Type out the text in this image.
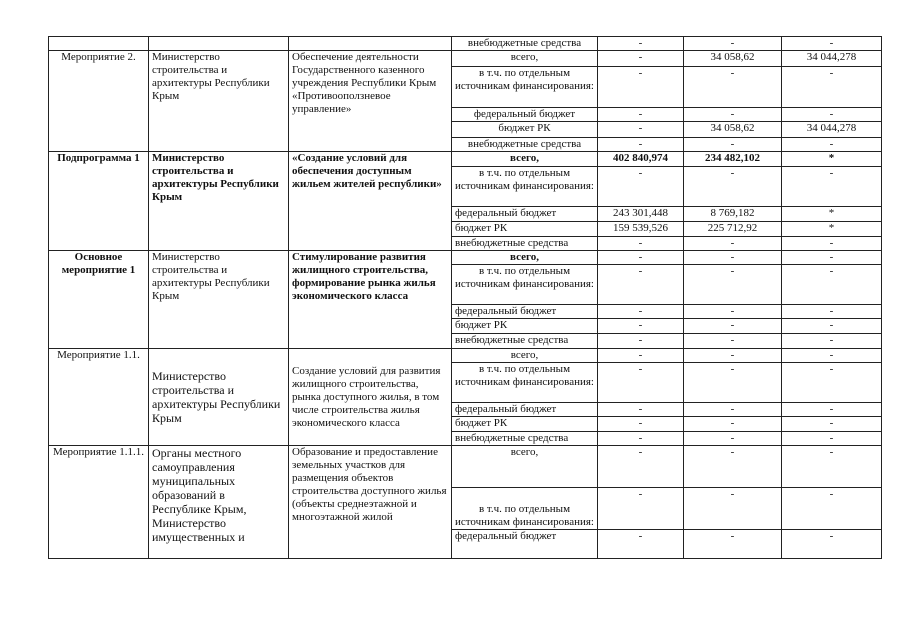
			внебюджетные средства	-	-	-
Мероприятие 2.	Министерство строительства и архитектуры Республики Крым	Обеспечение деятельности Государственного казенного учреждения Республики Крым «Противооползневое управление»	всего,	-	34 058,62	34 044,278
			в т.ч. по отдельным источникам финансирования:	-	-	-
			федеральный бюджет	-	-	-
			бюджет РК	-	34 058,62	34 044,278
			внебюджетные средства	-	-	-
Подпрограмма 1	Министерство строительства и архитектуры Республики Крым	«Создание условий для обеспечения доступным жильем жителей республики»	всего,	402 840,974	234 482,102	*
			в т.ч. по отдельным источникам финансирования:	-	-	-
			федеральный бюджет	243 301,448	8 769,182	*
			бюджет РК	159 539,526	225 712,92	*
			внебюджетные средства	-	-	-
Основное мероприятие 1	Министерство строительства и архитектуры Республики Крым	Стимулирование развития жилищного строительства, формирование рынка жилья экономического класса	всего,	-	-	-
			в т.ч. по отдельным источникам финансирования:	-	-	-
			федеральный бюджет	-	-	-
			бюджет РК	-	-	-
			внебюджетные средства	-	-	-
Мероприятие 1.1.	Министерство строительства и архитектуры Республики Крым	Создание условий для развития жилищного строительства, рынка доступного жилья, в том числе строительства жилья экономического класса	всего,	-	-	-
			в т.ч. по отдельным источникам финансирования:	-	-	-
			федеральный бюджет	-	-	-
			бюджет РК	-	-	-
			внебюджетные средства	-	-	-
Мероприятие 1.1.1.	Органы местного самоуправления муниципальных образований в Республике Крым, Министерство имущественных и	Образование и предоставление земельных участков для размещения объектов строительства доступного жилья (объекты среднеэтажной и многоэтажной жилой	всего,	-	-	-
			в т.ч. по отдельным источникам финансирования:	-	-	-
			федеральный бюджет	-	-	-
